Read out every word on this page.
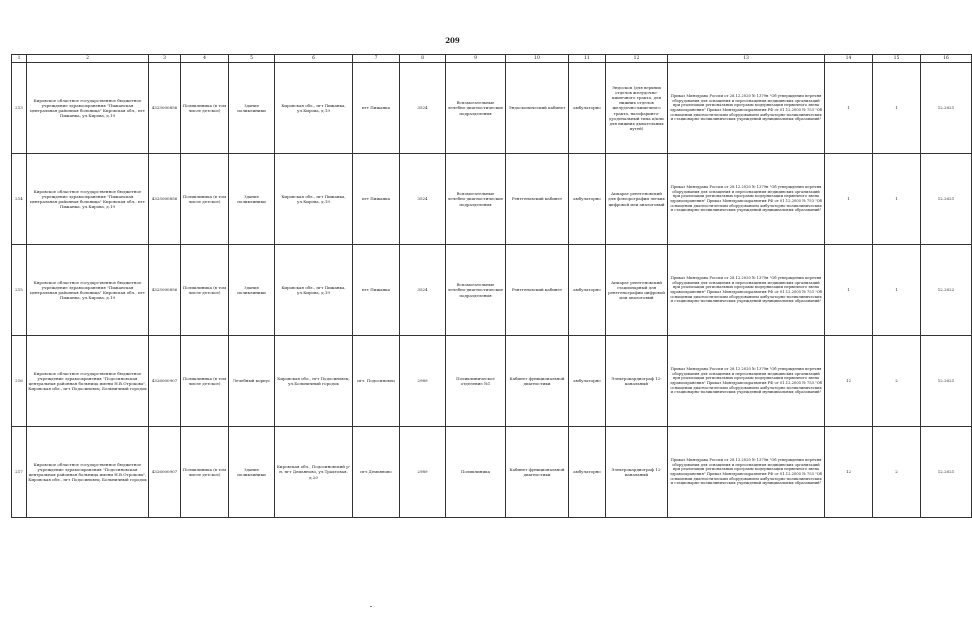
209
1	2	3	4	5	6	7	8	9	10	11	12	13	14	15	16
213	Кировское областное государственное бюджетное учреждение здравоохранения "Пижанская центральная районная больница" Кировская обл., пгт Пижанка, ул.Кирова, д.19	4325000856	Поликлиника (в том числе детское)	Здание поликлиники	Кировская обл., пгт Пижанка, ул.Кирова, д.19	пгт Пижанка	3524	Вспомогательные лечебно-диагностические подразделения	Эндоскопический кабинет	амбулаторно	Эндоскоп (для верхних отделов желудочно-кишечного тракта, для нижних отделов желудочно-кишечного тракта, назофаринго-дуоденальный типа и/или для нижних дыхательных путей)	Приказ Минздрава России от 28.12.2020 № 1379н "Об утверждении перечня оборудования для оснащения и переоснащения медицинских организаций при реализации региональных программ модернизации первичного звена здравоохранения" Приказ Минздравсоцразвития РФ от 01.12.2005 № 753 "Об оснащении диагностическим оборудованием амбулаторно-поликлинических и стационарно-поликлинических учреждений муниципальных образований"	1	1	12.2021
214	Кировское областное государственное бюджетное учреждение здравоохранения "Пижанская центральная районная больница" Кировская обл., пгт Пижанка, ул.Кирова, д.19	4325000856	Поликлиника (в том числе детское)	Здание поликлиники	Кировская обл., пгт Пижанка, ул.Кирова, д.19	пгт Пижанка	3524	Вспомогательные лечебно-диагностические подразделения	Рентгеновский кабинет	амбулаторно	Аппарат рентгеновский для флюорографии легких цифровой или аналоговый	Приказ Минздрава России от 28.12.2020 № 1379н "Об утверждении перечня оборудования для оснащения и переоснащения медицинских организаций при реализации региональных программ модернизации первичного звена здравоохранения" Приказ Минздравсоцразвития РФ от 01.12.2005 № 753 "Об оснащении диагностическим оборудованием амбулаторно-поликлинических и стационарно-поликлинических учреждений муниципальных образований"	1	1	12.2021
215	Кировское областное государственное бюджетное учреждение здравоохранения "Пижанская центральная районная больница" Кировская обл., пгт Пижанка, ул.Кирова, д.19	4325000856	Поликлиника (в том числе детское)	Здание поликлиники	Кировская обл., пгт Пижанка, ул.Кирова, д.19	пгт Пижанка	3524	Вспомогательные лечебно-диагностические подразделения	Рентгеновский кабинет	амбулаторно	Аппарат рентгеновский стационарный для рентгенографии цифровой или аналоговый	Приказ Минздрава России от 28.12.2020 № 1379н "Об утверждении перечня оборудования для оснащения и переоснащения медицинских организаций при реализации региональных программ модернизации первичного звена здравоохранения" Приказ Минздравсоцразвития РФ от 01.12.2005 № 753 "Об оснащении диагностическим оборудованием амбулаторно-поликлинических и стационарно-поликлинических учреждений муниципальных образований"	1	1	12.2022
216	Кировское областное государственное бюджетное учреждение здравоохранения "Подосиновская центральная районная больница имени Н.В.Отрокова", Кировская обл., пгт Подосиновец, Больничный городок	4326000907	Поликлиника (в том числе детское)	Лечебный корпус	Кировская обл., пгт Подосиновец, ул.Больничный городок	пгт. Подосиновец	2989	Поликлиническое отделение №1	Кабинет функциональной диагностики	амбулаторно	Электрокардиограф 12-канальный	Приказ Минздрава России от 28.12.2020 № 1379н "Об утверждении перечня оборудования для оснащения и переоснащения медицинских организаций при реализации региональных программ модернизации первичного звена здравоохранения" Приказ Минздравсоцразвития РФ от 01.12.2005 № 753 "Об оснащении диагностическим оборудованием амбулаторно-поликлинических и стационарно-поликлинических учреждений муниципальных образований"	12	2	12.2021
217	Кировское областное государственное бюджетное учреждение здравоохранения "Подосиновская центральная районная больница имени Н.В.Отрокова", Кировская обл., пгт Подосиновец, Больничный городок	4326000907	Поликлиника (в том числе детское)	Здание поликлиники	Кировская обл., Подосиновский р-н, пгт Демьяново, ул.Трактовая, д.20	пгт.Демьяново	2989	Поликлиника	Кабинет функциональной диагностики	амбулаторно	Электрокардиограф 12-канальный	Приказ Минздрава России от 28.12.2020 № 1379н "Об утверждении перечня оборудования для оснащения и переоснащения медицинских организаций при реализации региональных программ модернизации первичного звена здравоохранения" Приказ Минздравсоцразвития РФ от 01.12.2005 № 753 "Об оснащении диагностическим оборудованием амбулаторно-поликлинических и стационарно-поликлинических учреждений муниципальных образований"	12	2	12.2021
